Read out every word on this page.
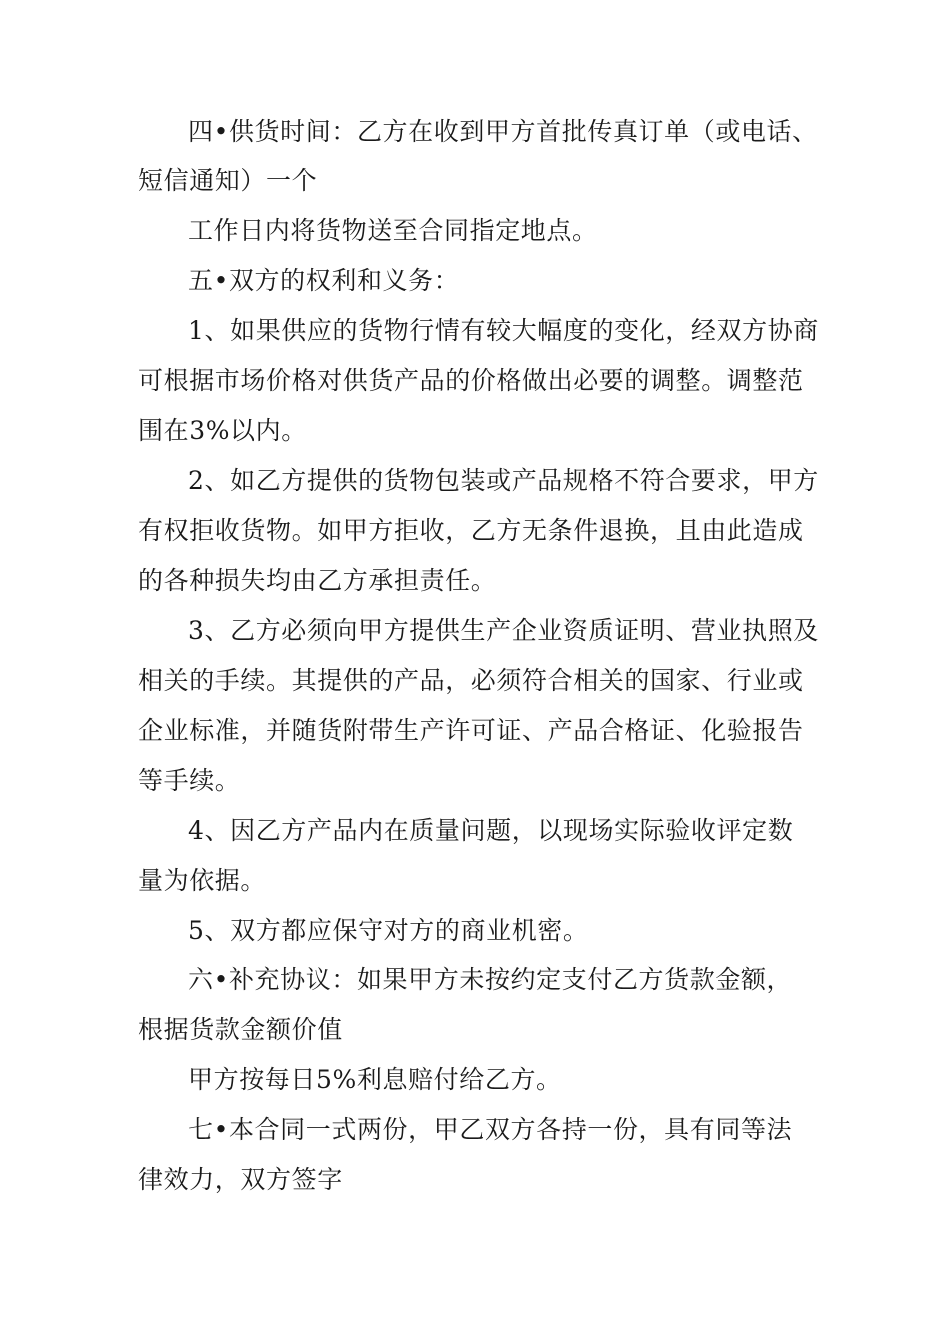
四•供货时间：乙方在收到甲方首批传真订单（或电话、
短信通知）一个
工作日内将货物送至合同指定地点。
五•双方的权利和义务：
1、如果供应的货物行情有较大幅度的变化，经双方协商
可根据市场价格对供货产品的价格做出必要的调整。调整范
围在3%以内。
2、如乙方提供的货物包装或产品规格不符合要求，甲方
有权拒收货物。如甲方拒收，乙方无条件退换，且由此造成
的各种损失均由乙方承担责任。
3、乙方必须向甲方提供生产企业资质证明、营业执照及
相关的手续。其提供的产品，必须符合相关的国家、行业或
企业标准，并随货附带生产许可证、产品合格证、化验报告
等手续。
4、因乙方产品内在质量问题，以现场实际验收评定数
量为依据。
5、双方都应保守对方的商业机密。
六•补充协议：如果甲方未按约定支付乙方货款金额，
根据货款金额价值
甲方按每日5%利息赔付给乙方。
七•本合同一式两份，甲乙双方各持一份，具有同等法
律效力，双方签字
